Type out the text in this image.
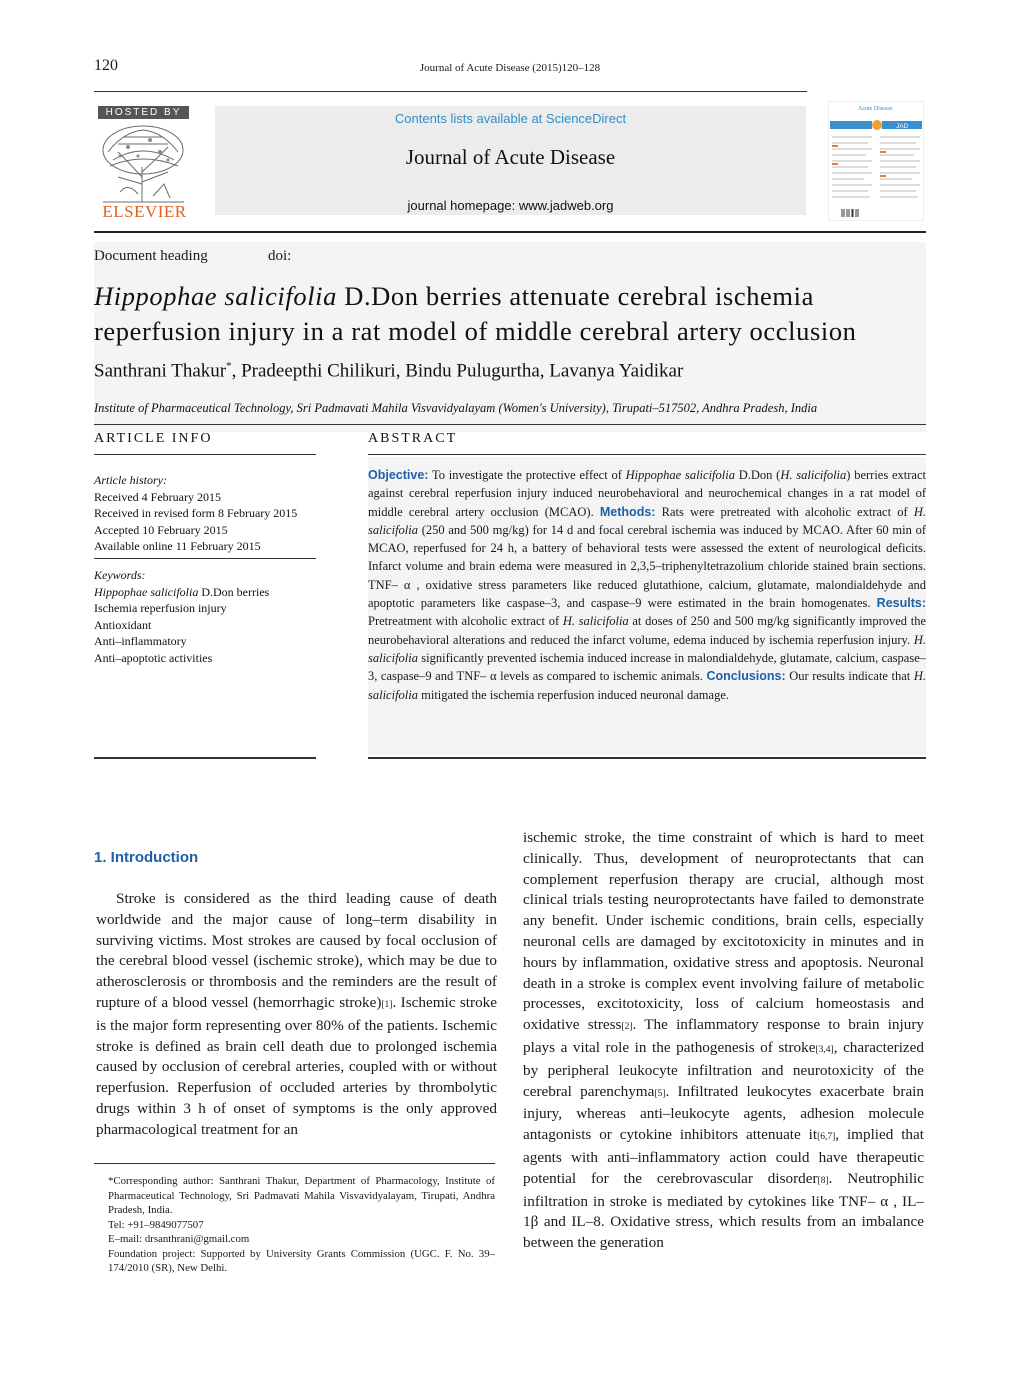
120	Journal of Acute Disease (2015)120–128
HOSTED BY
ELSEVIER
Contents lists available at ScienceDirect
Journal of Acute Disease
journal homepage: www.jadweb.org
Acute Disease
JAD
Document heading	doi:
Hippophae salicifolia D.Don berries attenuate cerebral ischemia
reperfusion injury in a rat model of middle cerebral artery occlusion
Santhrani Thakur*, Pradeepthi Chilikuri, Bindu Pulugurtha, Lavanya Yaidikar
Institute of Pharmaceutical Technology, Sri Padmavati Mahila Visvavidyalayam (Women's University), Tirupati–517502, Andhra Pradesh, India
ARTICLE INFO
Article history:
Received 4 February 2015
Received in revised form 8 February 2015
Accepted 10 February 2015
Available online 11 February 2015
Keywords:
Hippophae salicifolia D.Don berries
Ischemia reperfusion injury
Antioxidant
Anti–inflammatory
Anti–apoptotic activities
ABSTRACT
Objective: To investigate the protective effect of Hippophae salicifolia D.Don (H. salicifolia) berries extract against cerebral reperfusion injury induced neurobehavioral and neurochemical changes in a rat model of middle cerebral artery occlusion (MCAO). Methods: Rats were pretreated with alcoholic extract of H. salicifolia (250 and 500 mg/kg) for 14 d and focal cerebral ischemia was induced by MCAO. After 60 min of MCAO, reperfused for 24 h, a battery of behavioral tests were assessed the extent of neurological deficits. Infarct volume and brain edema were measured in 2,3,5–triphenyltetrazolium chloride stained brain sections. TNF– α , oxidative stress parameters like reduced glutathione, calcium, glutamate, malondialdehyde and apoptotic parameters like caspase–3, and caspase–9 were estimated in the brain homogenates. Results: Pretreatment with alcoholic extract of H. salicifolia at doses of 250 and 500 mg/kg significantly improved the neurobehavioral alterations and reduced the infarct volume, edema induced by ischemia reperfusion injury. H. salicifolia significantly prevented ischemia induced increase in malondialdehyde, glutamate, calcium, caspase–3, caspase–9 and TNF– α levels as compared to ischemic animals. Conclusions: Our results indicate that H. salicifolia mitigated the ischemia reperfusion induced neuronal damage.
1. Introduction
Stroke is considered as the third leading cause of death worldwide and the major cause of long–term disability in surviving victims. Most strokes are caused by focal occlusion of the cerebral blood vessel (ischemic stroke), which may be due to atherosclerosis or thrombosis and the reminders are the result of rupture of a blood vessel (hemorrhagic stroke)[1]. Ischemic stroke is the major form representing over 80% of the patients. Ischemic stroke is defined as brain cell death due to prolonged ischemia caused by occlusion of cerebral arteries, coupled with or without reperfusion. Reperfusion of occluded arteries by thrombolytic drugs within 3 h of onset of symptoms is the only approved pharmacological treatment for an
ischemic stroke, the time constraint of which is hard to meet clinically. Thus, development of neuroprotectants that can complement reperfusion therapy are crucial, although most clinical trials testing neuroprotectants have failed to demonstrate any benefit. Under ischemic conditions, brain cells, especially neuronal cells are damaged by excitotoxicity in minutes and in hours by inflammation, oxidative stress and apoptosis. Neuronal death in a stroke is complex event involving failure of metabolic processes, excitotoxicity, loss of calcium homeostasis and oxidative stress[2]. The inflammatory response to brain injury plays a vital role in the pathogenesis of stroke[3,4], characterized by peripheral leukocyte infiltration and neurotoxicity of the cerebral parenchyma[5]. Infiltrated leukocytes exacerbate brain injury, whereas anti–leukocyte agents, adhesion molecule antagonists or cytokine inhibitors attenuate it[6,7], implied that agents with anti–inflammatory action could have therapeutic potential for the cerebrovascular disorder[8]. Neutrophilic infiltration in stroke is mediated by cytokines like TNF– α , IL–1β and IL–8. Oxidative stress, which results from an imbalance between the generation

*Corresponding author: Santhrani Thakur, Department of Pharmacology, Institute of Pharmaceutical Technology, Sri Padmavati Mahila Visvavidyalayam, Tirupati, Andhra Pradesh, India.

Tel: +91–9849077507

E–mail: drsanthrani@gmail.com

Foundation project: Supported by University Grants Commission (UGC. F. No. 39–174/2010 (SR), New Delhi.
